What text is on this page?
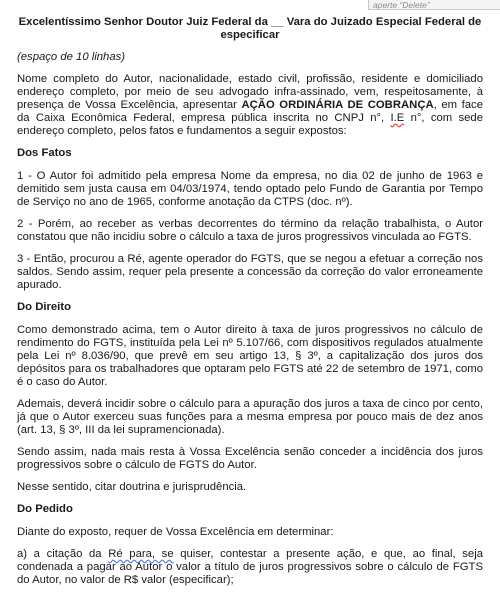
aperte “Delete”
Excelentíssimo Senhor Doutor Juiz Federal da __ Vara do Juizado Especial Federal de especificar

(espaço de 10 linhas)

Nome completo do Autor, nacionalidade, estado civil, profissão, residente e domiciliado endereço completo, por meio de seu advogado infra-assinado, vem, respeitosamente, à presença de Vossa Excelência, apresentar AÇÃO ORDINÁRIA DE COBRANÇA, em face da Caixa Econômica Federal, empresa pública inscrita no CNPJ n°, I.E n°, com sede endereço completo, pelos fatos e fundamentos a seguir expostos:

Dos Fatos

1 - O Autor foi admitido pela empresa Nome da empresa, no dia 02 de junho de 1963 e demitido sem justa causa em 04/03/1974, tendo optado pelo Fundo de Garantia por Tempo de Serviço no ano de 1965, conforme anotação da CTPS (doc. nº).

2 - Porém, ao receber as verbas decorrentes do término da relação trabalhista, o Autor constatou que não incidiu sobre o cálculo a taxa de juros progressivos vinculada ao FGTS.

3 - Então, procurou a Ré, agente operador do FGTS, que se negou a efetuar a correção nos saldos. Sendo assim, requer pela presente a concessão da correção do valor erroneamente apurado.

Do Direito

Como demonstrado acima, tem o Autor direito à taxa de juros progressivos no cálculo de rendimento do FGTS, instituída pela Lei nº 5.107/66, com dispositivos regulados atualmente pela Lei nº 8.036/90, que prevê em seu artigo 13, § 3º, a capitalização dos juros dos depósitos para os trabalhadores que optaram pelo FGTS até 22 de setembro de 1971, como é o caso do Autor.

Ademais, deverá incidir sobre o cálculo para a apuração dos juros a taxa de cinco por cento, já que o Autor exerceu suas funções para a mesma empresa por pouco mais de dez anos (art. 13, § 3º, III da lei supramencionada).

Sendo assim, nada mais resta à Vossa Excelência senão conceder a incidência dos juros progressivos sobre o cálculo de FGTS do Autor.

Nesse sentido, citar doutrina e jurisprudência.

Do Pedido

Diante do exposto, requer de Vossa Excelência em determinar:

a) a citação da Ré para, se quiser, contestar a presente ação, e que, ao final, seja condenada a pagar ao Autor o valor a título de juros progressivos sobre o cálculo de FGTS do Autor, no valor de R$ valor (especificar);
